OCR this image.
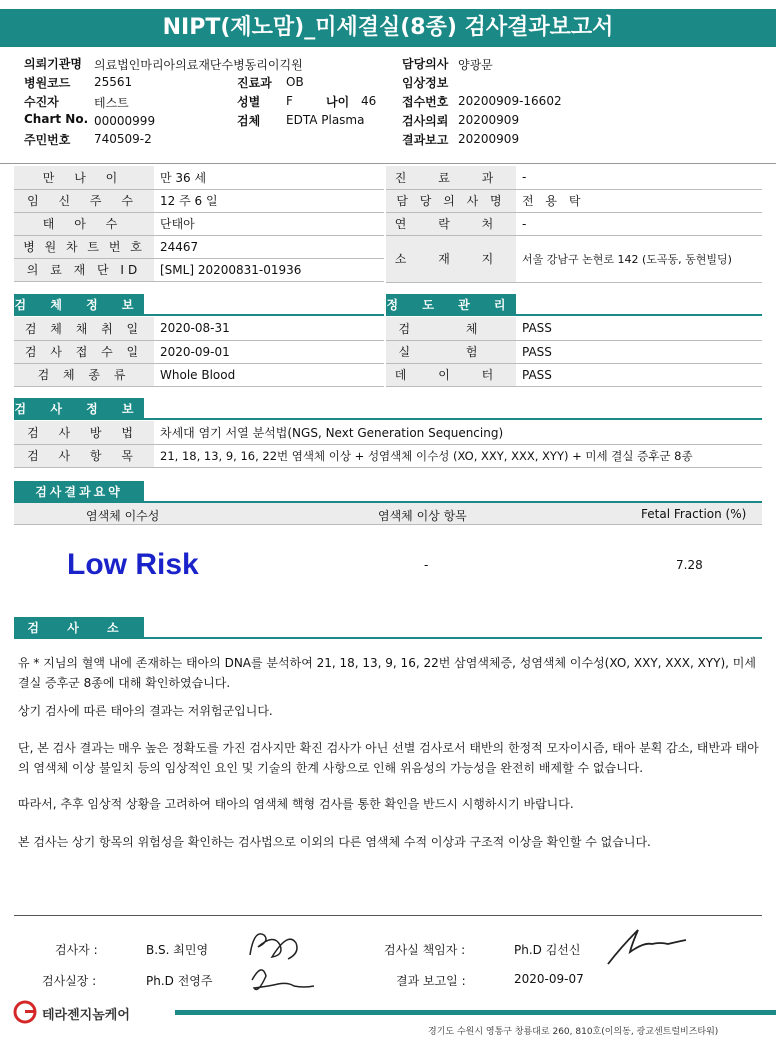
NIPT(제노맘)_미세결실(8종) 검사결과보고서
의뢰기관명 의료법인마리아의료재단수병동리이긱원
병원코드 25561	진료과 OB
수진자	테스트	성별 F	나이 46
Chart No. 00000999	검체 EDTA Plasma
주민번호 740509-2
담당의사 양광문
임상정보
접수번호 20200909-16602
검사의뢰 20200909
결과보고 20200909
만 나 이	만 36 세
임 신 주 수	12 주 6 일
태 아 수	단태아
병 원 차 트 번 호	24467
의 료 재 단 ID	[SML] 20200831-01936
진 료 과	-
담 당 의 사 명	전 용 탁
연 락 처	-
소 재 지	서울 강남구 논현로 142 (도곡동, 동현빌딩)

검 체 정 보	정 도 관 리
검 체 채 취 일	2020-08-31
검 사 접 수 일	2020-09-01
검 체 종 류	Whole Blood
검 체	PASS
실 험	PASS
데 이 터	PASS
검 사 정 보
검 사 방 법	차세대 염기 서열 분석법(NGS, Next Generation Sequencing)
검 사 항 목	21, 18, 13, 9, 16, 22번 염색체 이상 + 성염색체 이수성 (XO, XXY, XXX, XYY) + 미세 결실 증후군 8종
검사결과요약
염색체 이수성	염색체 이상 항목	Fetal Fraction (%)
Low Risk	-	7.28
검 사 소 견
유 * 지님의 혈액 내에 존재하는 태아의 DNA를 분석하여 21, 18, 13, 9, 16, 22번 삼염색체증, 성염색체 이수성(XO, XXY, XXX, XYY), 미세 결실 증후군 8종에 대해 확인하였습니다.
상기 검사에 따른 태아의 결과는 저위험군입니다.
단, 본 검사 결과는 매우 높은 정확도를 가진 검사지만 확진 검사가 아닌 선별 검사로서 태반의 한정적 모자이시즘, 태아 분획 감소, 태반과 태아의 염색체 이상 불일치 등의 임상적인 요인 및 기술의 한계 사항으로 인해 위음성의 가능성을 완전히 배제할 수 없습니다.
따라서, 추후 임상적 상황을 고려하여 태아의 염색체 핵형 검사를 통한 확인을 반드시 시행하시기 바랍니다.
본 검사는 상기 항목의 위험성을 확인하는 검사법으로 이외의 다른 염색체 수적 이상과 구조적 이상을 확인할 수 없습니다.
검사자 :	B.S. 최민영	검사실 책임자 :	Ph.D 김선신
검사실장 :	Ph.D 전영주	결과 보고일 :	2020-09-07
테라젠지놈케어
경기도 수원시 영통구 창룡대로 260, 810호(이의동, 광교센트럴비즈타워)
